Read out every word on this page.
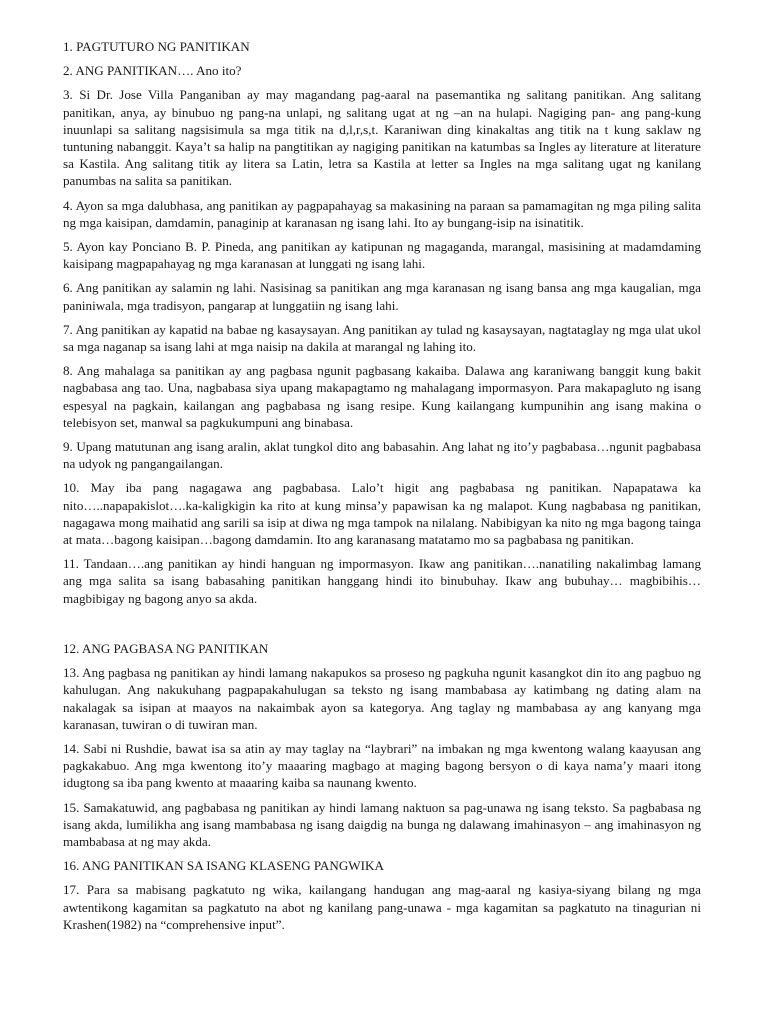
1. PAGTUTURO NG PANITIKAN

2. ANG PANITIKAN…. Ano ito?

3. Si Dr. Jose Villa Panganiban ay may magandang pag-aaral na pasemantika ng salitang panitikan. Ang salitang panitikan, anya, ay binubuo ng pang-na unlapi, ng salitang ugat at ng –an na hulapi. Nagiging pan- ang pang-kung inuunlapi sa salitang nagsisimula sa mga titik na d,l,r,s,t. Karaniwan ding kinakaltas ang titik na t kung saklaw ng tuntuning nabanggit. Kaya’t sa halip na pangtitikan ay nagiging panitikan na katumbas sa Ingles ay literature at literature sa Kastila. Ang salitang titik ay litera sa Latin, letra sa Kastila at letter sa Ingles na mga salitang ugat ng kanilang panumbas na salita sa panitikan.

4. Ayon sa mga dalubhasa, ang panitikan ay pagpapahayag sa makasining na paraan sa pamamagitan ng mga piling salita ng mga kaisipan, damdamin, panaginip at karanasan ng isang lahi. Ito ay bungang-isip na isinatitik.

5. Ayon kay Ponciano B. P. Pineda, ang panitikan ay katipunan ng magaganda, marangal, masisining at madamdaming kaisipang magpapahayag ng mga karanasan at lunggati ng isang lahi.

6. Ang panitikan ay salamin ng lahi. Nasisinag sa panitikan ang mga karanasan ng isang bansa ang mga kaugalian, mga paniniwala, mga tradisyon, pangarap at lunggatiin ng isang lahi.

7. Ang panitikan ay kapatid na babae ng kasaysayan. Ang panitikan ay tulad ng kasaysayan, nagtataglay ng mga ulat ukol sa mga naganap sa isang lahi at mga naisip na dakila at marangal ng lahing ito.

8. Ang mahalaga sa panitikan ay ang pagbasa ngunit pagbasang kakaiba. Dalawa ang karaniwang banggit kung bakit nagbabasa ang tao. Una, nagbabasa siya upang makapagtamo ng mahalagang impormasyon. Para makapagluto ng isang espesyal na pagkain, kailangan ang pagbabasa ng isang resipe. Kung kailangang kumpunihin ang isang makina o telebisyon set, manwal sa pagkukumpuni ang binabasa.

9. Upang matutunan ang isang aralin, aklat tungkol dito ang babasahin. Ang lahat ng ito’y pagbabasa…ngunit pagbabasa na udyok ng pangangailangan.

10. May iba pang nagagawa ang pagbabasa. Lalo’t higit ang pagbabasa ng panitikan. Napapatawa ka nito…..napapakislot….ka-kaligkigin ka rito at kung minsa’y papawisan ka ng malapot. Kung nagbabasa ng panitikan, nagagawa mong maihatid ang sarili sa isip at diwa ng mga tampok na nilalang. Nabibigyan ka nito ng mga bagong tainga at mata…bagong kaisipan…bagong damdamin. Ito ang karanasang matatamo mo sa pagbabasa ng panitikan.

11. Tandaan….ang panitikan ay hindi hanguan ng impormasyon. Ikaw ang panitikan….nanatiling nakalimbag lamang ang mga salita sa isang babasahing panitikan hanggang hindi ito binubuhay. Ikaw ang bubuhay… magbibihis…magbibigay ng bagong anyo sa akda.

12. ANG PAGBASA NG PANITIKAN

13. Ang pagbasa ng panitikan ay hindi lamang nakapukos sa proseso ng pagkuha ngunit kasangkot din ito ang pagbuo ng kahulugan. Ang nakukuhang pagpapakahulugan sa teksto ng isang mambabasa ay katimbang ng dating alam na nakalagak sa isipan at maayos na nakaimbak ayon sa kategorya. Ang taglay ng mambabasa ay ang kanyang mga karanasan, tuwiran o di tuwiran man.

14. Sabi ni Rushdie, bawat isa sa atin ay may taglay na “laybrari” na imbakan ng mga kwentong walang kaayusan ang pagkakabuo. Ang mga kwentong ito’y maaaring magbago at maging bagong bersyon o di kaya nama’y maari itong idugtong sa iba pang kwento at maaaring kaiba sa naunang kwento.

15. Samakatuwid, ang pagbabasa ng panitikan ay hindi lamang naktuon sa pag-unawa ng isang teksto. Sa pagbabasa ng isang akda, lumilikha ang isang mambabasa ng isang daigdig na bunga ng dalawang imahinasyon – ang imahinasyon ng mambabasa at ng may akda.

16. ANG PANITIKAN SA ISANG KLASENG PANGWIKA

17. Para sa mabisang pagkatuto ng wika, kailangang handugan ang mag-aaral ng kasiya-siyang bilang ng mga awtentikong kagamitan sa pagkatuto na abot ng kanilang pang-unawa - mga kagamitan sa pagkatuto na tinagurian ni Krashen(1982) na “comprehensive input”.
